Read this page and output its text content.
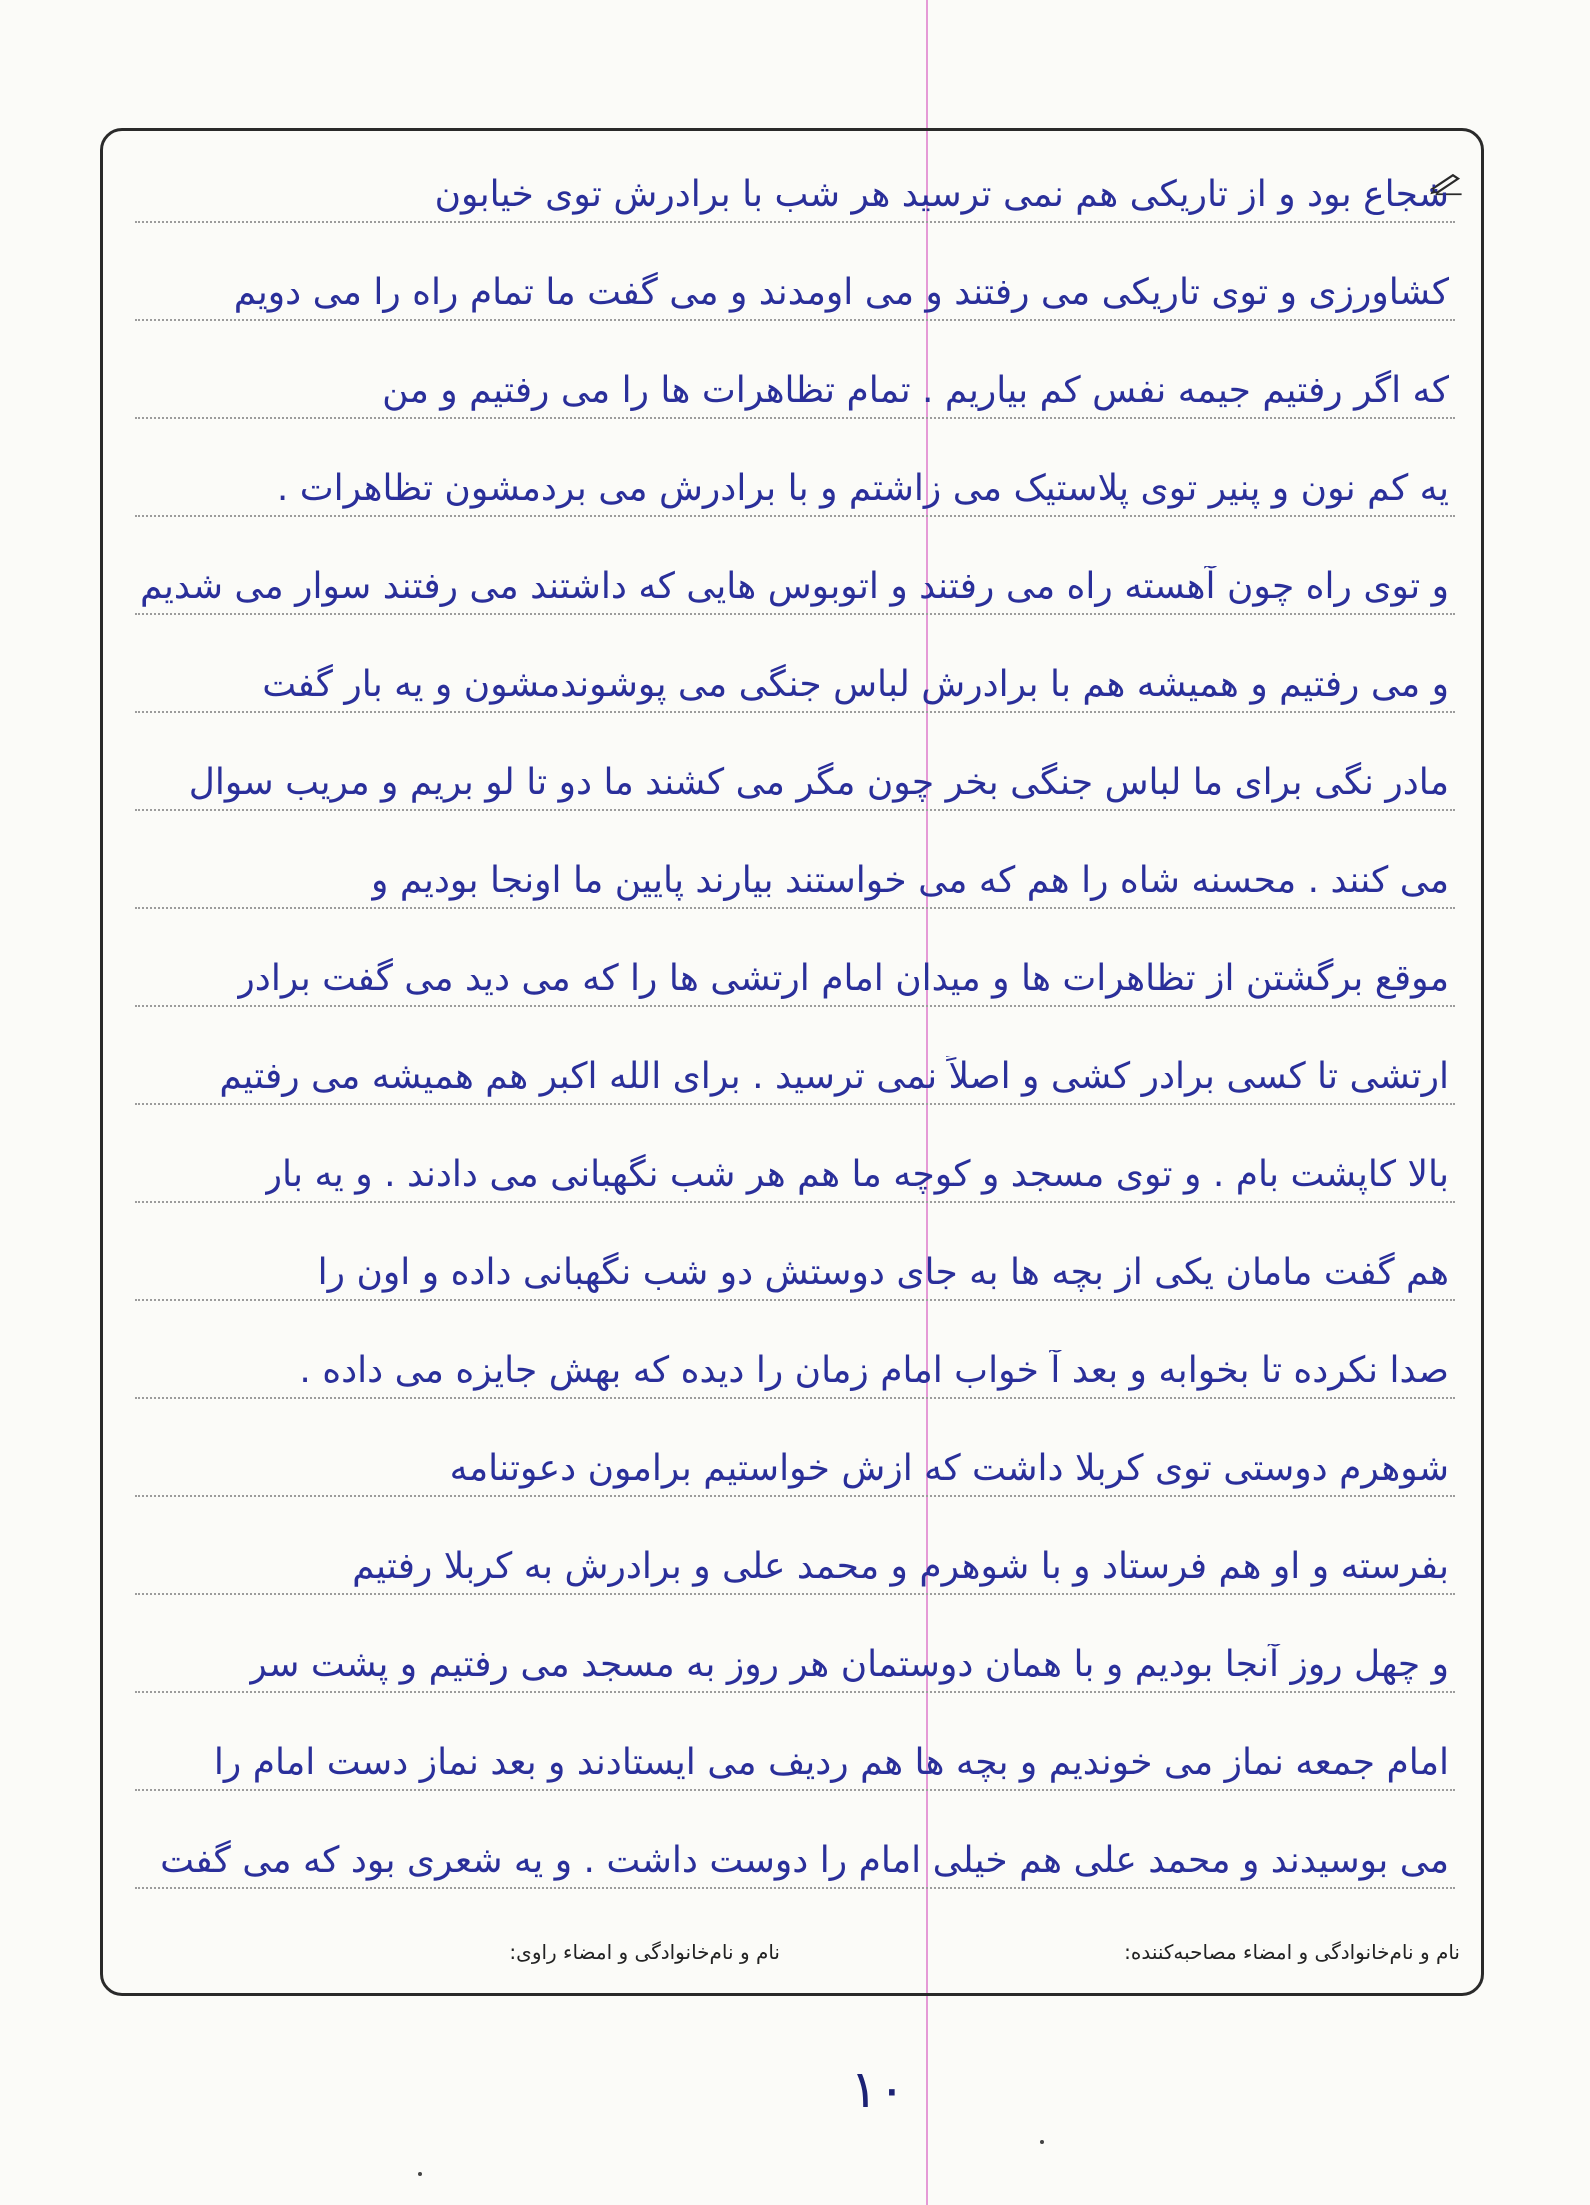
شجاع بود و از تاریکی هم نمی ترسید هر شب با برادرش توی خیابون
کشاورزی و توی تاریکی می رفتند و می اومدند و می گفت ما تمام راه را می دویم
که اگر رفتیم جیمه نفس کم بیاریم . تمام تظاهرات ها را می رفتیم و من
یه کم نون و پنیر توی پلاستیک می زاشتم و با برادرش می بردمشون تظاهرات .
و توی راه چون آهسته راه می رفتند و اتوبوس هایی که داشتند می رفتند سوار می شدیم
و می رفتیم و همیشه هم با برادرش لباس جنگی می پوشوندمشون و یه بار گفت
مادر نگی برای ما لباس جنگی بخر چون مگر می کشند ما دو تا لو بریم و مریب سوال
می کنند . محسنه شاه را هم که می خواستند بیارند پایین ما اونجا بودیم و
موقع برگشتن از تظاهرات ها و میدان امام ارتشی ها را که می دید می گفت برادر
ارتشی تا کسی برادر کشی و اصلاً نمی ترسید . برای الله اکبر هم همیشه می رفتیم
بالا کاپشت بام . و توی مسجد و کوچه ما هم هر شب نگهبانی می دادند . و یه بار
هم گفت مامان یکی از بچه ها به جای دوستش دو شب نگهبانی داده و اون را
صدا نکرده تا بخوابه و بعد آ خواب امام زمان را دیده که بهش جایزه می داده .
شوهرم دوستی توی کربلا داشت که ازش خواستیم برامون دعوتنامه
بفرسته و او هم فرستاد و با شوهرم و محمد علی و برادرش به کربلا رفتیم
و چهل روز آنجا بودیم و با همان دوستمان هر روز به مسجد می رفتیم و پشت سر
امام جمعه نماز می خوندیم و بچه ها هم ردیف می ایستادند و بعد نماز دست امام را
می بوسیدند و محمد علی هم خیلی امام را دوست داشت . و یه شعری بود که می گفت
نام و نام‌خانوادگی و امضاء مصاحبه‌کننده:
نام و نام‌خانوادگی و امضاء راوی:
۱۰
